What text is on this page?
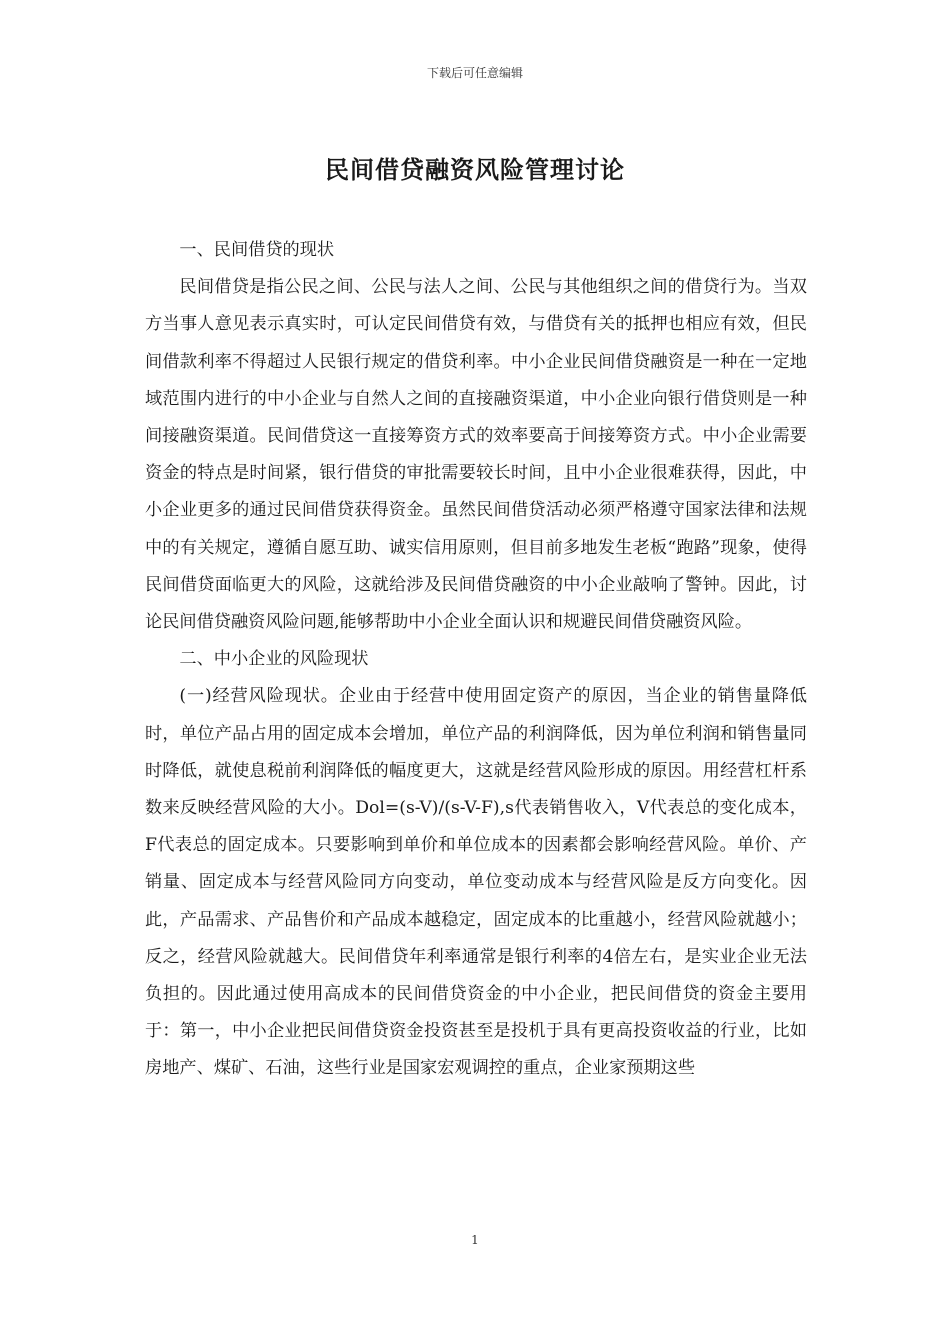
下载后可任意编辑
民间借贷融资风险管理讨论

一、民间借贷的现状

民间借贷是指公民之间、公民与法人之间、公民与其他组织之间的借贷行为。当双方当事人意见表示真实时，可认定民间借贷有效，与借贷有关的抵押也相应有效，但民间借款利率不得超过人民银行规定的借贷利率。中小企业民间借贷融资是一种在一定地域范围内进行的中小企业与自然人之间的直接融资渠道，中小企业向银行借贷则是一种间接融资渠道。民间借贷这一直接筹资方式的效率要高于间接筹资方式。中小企业需要资金的特点是时间紧，银行借贷的审批需要较长时间，且中小企业很难获得，因此，中小企业更多的通过民间借贷获得资金。虽然民间借贷活动必须严格遵守国家法律和法规中的有关规定，遵循自愿互助、诚实信用原则，但目前多地发生老板“跑路”现象，使得民间借贷面临更大的风险，这就给涉及民间借贷融资的中小企业敲响了警钟。因此，讨论民间借贷融资风险问题,能够帮助中小企业全面认识和规避民间借贷融资风险。

二、中小企业的风险现状

(一)经营风险现状。企业由于经营中使用固定资产的原因，当企业的销售量降低时，单位产品占用的固定成本会增加，单位产品的利润降低，因为单位利润和销售量同时降低，就使息税前利润降低的幅度更大，这就是经营风险形成的原因。用经营杠杆系数来反映经营风险的大小。Dol=(s-V)/(s-V-F),s代表销售收入，V代表总的变化成本，F代表总的固定成本。只要影响到单价和单位成本的因素都会影响经营风险。单价、产销量、固定成本与经营风险同方向变动，单位变动成本与经营风险是反方向变化。因此，产品需求、产品售价和产品成本越稳定，固定成本的比重越小，经营风险就越小；反之，经营风险就越大。民间借贷年利率通常是银行利率的4倍左右，是实业企业无法负担的。因此通过使用高成本的民间借贷资金的中小企业，把民间借贷的资金主要用于：第一，中小企业把民间借贷资金投资甚至是投机于具有更高投资收益的行业，比如房地产、煤矿、石油，这些行业是国家宏观调控的重点，企业家预期这些

1
